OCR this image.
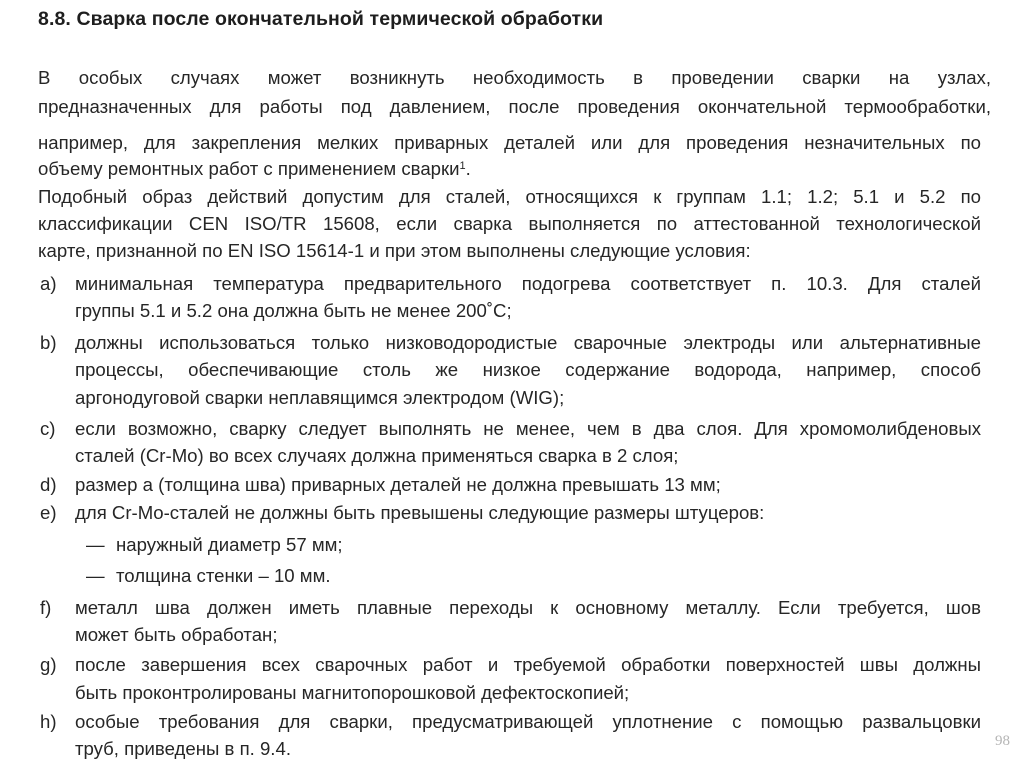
8.8. Сварка после окончательной термической обработки
В особых случаях может возникнуть необходимость в проведении сварки на узлах,
предназначенных для работы под давлением, после проведения окончательной термообработки,
например, для закрепления мелких приварных деталей или для проведения незначительных по
объему ремонтных работ с применением сварки$^1$.
Подобный образ действий допустим для сталей, относящихся к группам 1.1; 1.2; 5.1 и 5.2 по
классификации CEN ISO/TR 15608, если сварка выполняется по аттестованной технологической
карте, признанной по EN ISO 15614-1 и при этом выполнены следующие условия:
a) минимальная температура предварительного подогрева соответствует п. 10.3. Для сталей
группы 5.1 и 5.2 она должна быть не менее 200˚С;
b) должны использоваться только низководородистые сварочные электроды или альтернативные
процессы, обеспечивающие столь же низкое содержание водорода, например, способ
аргонодуговой сварки неплавящимся электродом (WIG);
c) если возможно, сварку следует выполнять не менее, чем в два слоя. Для хромомолибденовых
сталей (Cr-Mo) во всех случаях должна применяться сварка в 2 слоя;
d) размер a (толщина шва) приварных деталей не должна превышать 13 мм;
e) для Cr-Mo-сталей не должны быть превышены следующие размеры штуцеров:
— наружный диаметр 57 мм;
— толщина стенки – 10 мм.
f) металл шва должен иметь плавные переходы к основному металлу. Если требуется, шов
может быть обработан;
g) после завершения всех сварочных работ и требуемой обработки поверхностей швы должны
быть проконтролированы магнитопорошковой дефектоскопией;
h) особые требования для сварки, предусматривающей уплотнение с помощью развальцовки
труб, приведены в п. 9.4.	98
